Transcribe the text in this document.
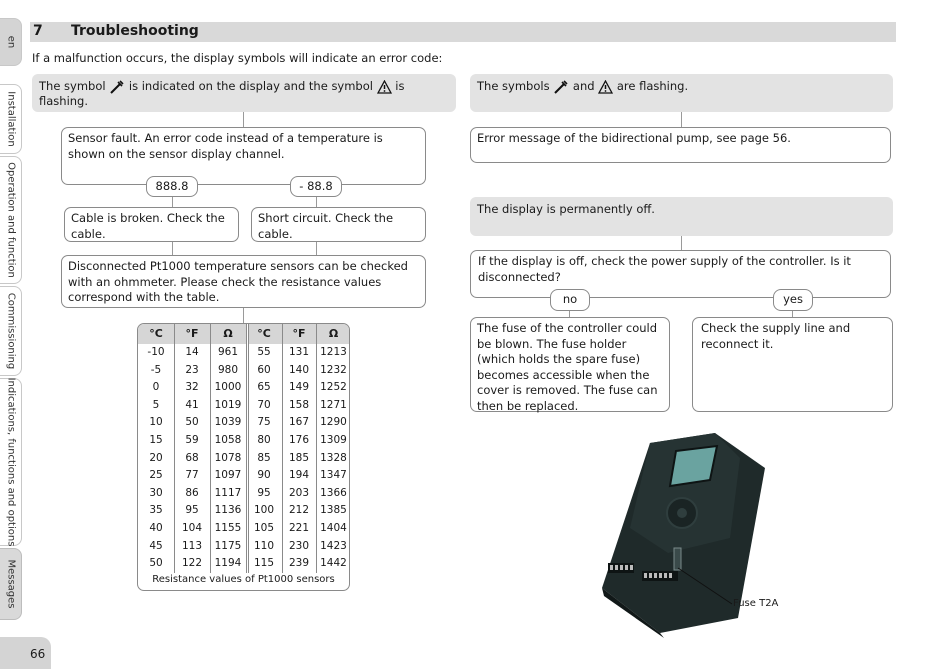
en
Installation
Operation and function
Commissioning
Indications, functions and options
Messages
66
7 Troubleshooting
If a malfunction occurs, the display symbols will indicate an error code:
The symbol is indicated on the display and the symbol is flashing.
Sensor fault. An error code instead of a temperature is shown on the sensor display channel.
888.8	- 88.8
Cable is broken. Check the cable.
Short circuit. Check the cable.
Disconnected Pt1000 temperature sensors can be checked with an ohmmeter. Please check the resistance values correspond with the table.
°C
-10
-5
0
5
10
15
20
25
30
35
40
45
50
°F
14
23
32
41
50
59
68
77
86
95
104
113
122
Ω
961
980
1000
1019
1039
1058
1078
1097
1117
1136
1155
1175
1194
°C
55
60
65
70
75
80
85
90
95
100
105
110
115
°F
131
140
149
158
167
176
185
194
203
212
221
230
239
Ω
1213
1232
1252
1271
1290
1309
1328
1347
1366
1385
1404
1423
1442
Resistance values of Pt1000 sensors
The symbols and are flashing.
Error message of the bidirectional pump, see page 56.
The display is permanently off.
If the display is off, check the power supply of the controller. Is it disconnected?
no	yes
The fuse of the controller could be blown. The fuse holder (which holds the spare fuse) becomes accessible when the cover is removed. The fuse can then be replaced.
Check the supply line and reconnect it.
Fuse T2A
